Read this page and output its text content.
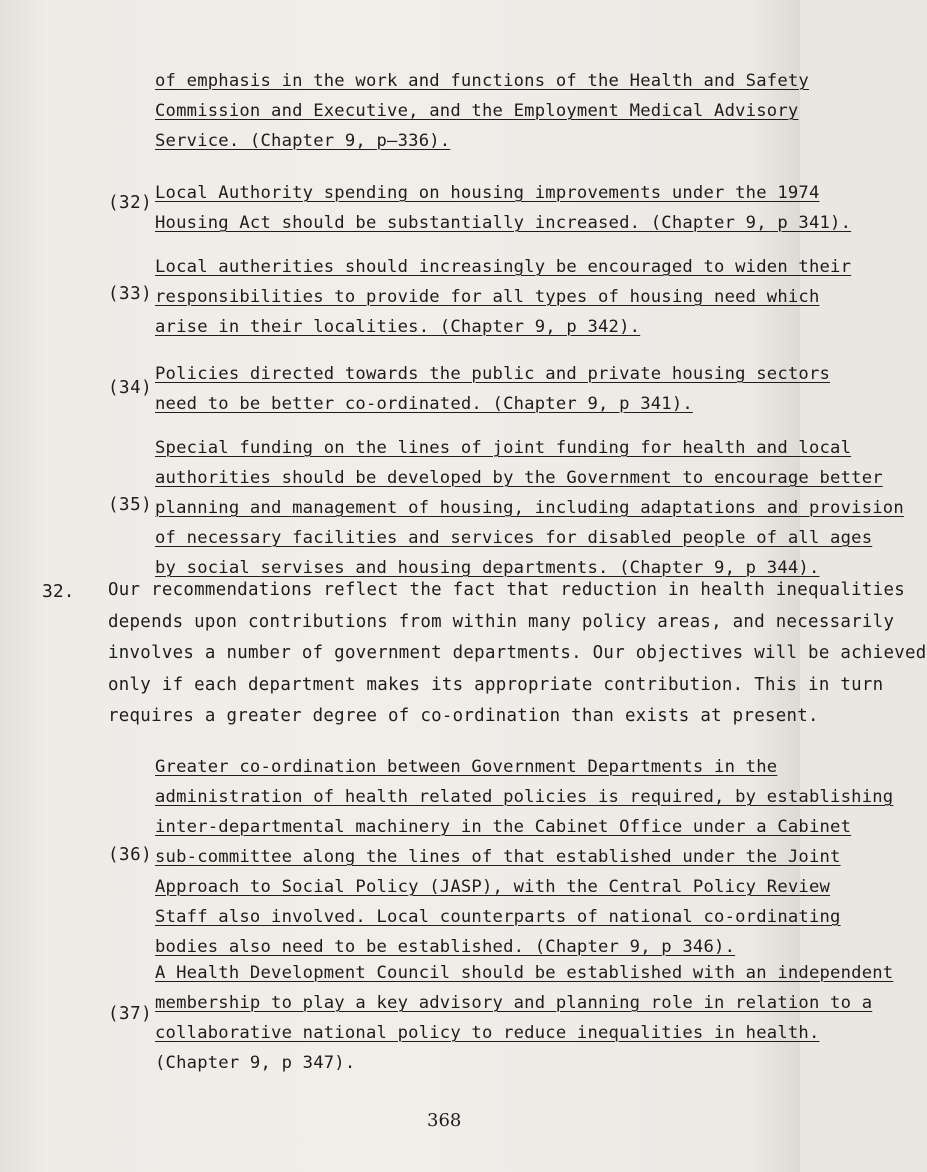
of emphasis in the work and functions of the Health and Safety

Commission and Executive, and the Employment Medical Advisory

Service. (Chapter 9, p–336).

(32) Local Authority spending on housing improvements under the 1974

Housing Act should be substantially increased. (Chapter 9, p 341).

(33)

Local autherities should increasingly be encouraged to widen their

responsibilities to provide for all types of housing need which

arise in their localities. (Chapter 9, p 342).

(34)

Policies directed towards the public and private housing sectors

need to be better co-ordinated. (Chapter 9, p 341).

(35)

Special funding on the lines of joint funding for health and local

authorities should be developed by the Government to encourage better

planning and management of housing, including adaptations and provision

of necessary facilities and services for disabled people of all ages

by social servises and housing departments. (Chapter 9, p 344).

32. Our recommendations reflect the fact that reduction in health inequalities

depends upon contributions from within many policy areas, and necessarily

involves a number of government departments. Our objectives will be achieved

only if each department makes its appropriate contribution. This in turn

requires a greater degree of co-ordination than exists at present.

(36)

Greater co-ordination between Government Departments in the

administration of health related policies is required, by establishing

inter-departmental machinery in the Cabinet Office under a Cabinet

sub-committee along the lines of that established under the Joint

Approach to Social Policy (JASP), with the Central Policy Review

Staff also involved. Local counterparts of national co-ordinating

bodies also need to be established. (Chapter 9, p 346).

(37)

A Health Development Council should be established with an independent

membership to play a key advisory and planning role in relation to a

collaborative national policy to reduce inequalities in health.

(Chapter 9, p 347).

368
